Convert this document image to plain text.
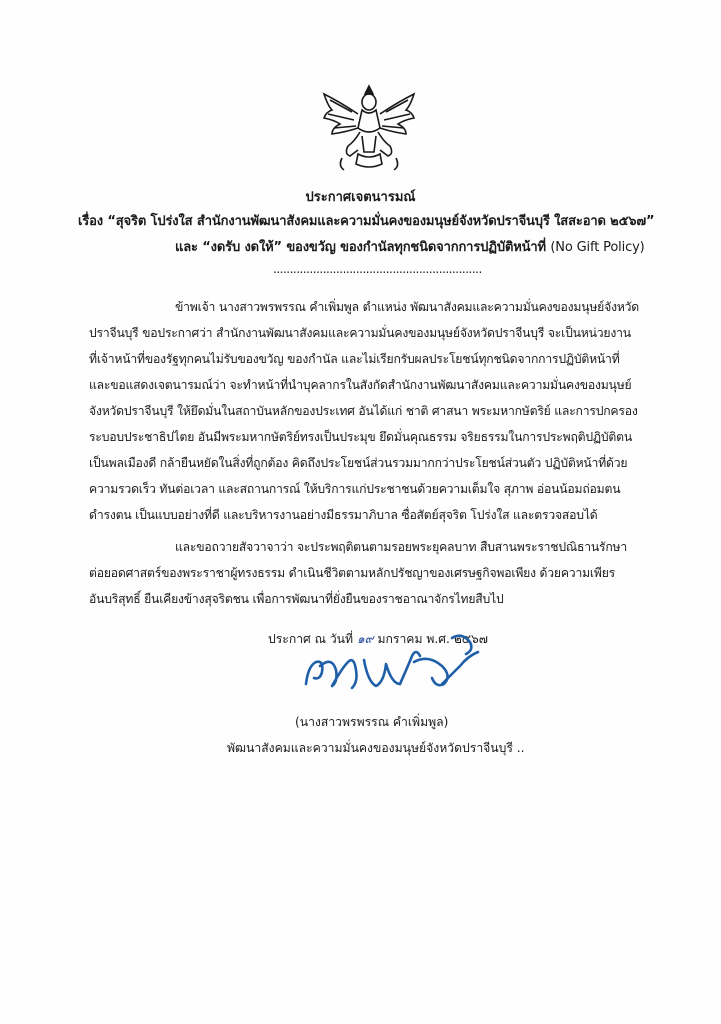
ประกาศเจตนารมณ์
เรื่อง “สุจริต โปร่งใส สำนักงานพัฒนาสังคมและความมั่นคงของมนุษย์จังหวัดปราจีนบุรี ใสสะอาด ๒๕๖๗”
และ “งดรับ งดให้” ของขวัญ ของกำนัลทุกชนิดจากการปฏิบัติหน้าที่ (No Gift Policy)
...............................................................
ข้าพเจ้า นางสาวพรพรรณ คำเพิ่มพูล ตำแหน่ง พัฒนาสังคมและความมั่นคงของมนุษย์จังหวัด
ปราจีนบุรี ขอประกาศว่า สำนักงานพัฒนาสังคมและความมั่นคงของมนุษย์จังหวัดปราจีนบุรี จะเป็นหน่วยงาน
ที่เจ้าหน้าที่ของรัฐทุกคนไม่รับของขวัญ ของกำนัล และไม่เรียกรับผลประโยชน์ทุกชนิดจากการปฏิบัติหน้าที่
และขอแสดงเจตนารมณ์ว่า จะทำหน้าที่นำบุคลากรในสังกัดสำนักงานพัฒนาสังคมและความมั่นคงของมนุษย์
จังหวัดปราจีนบุรี ให้ยึดมั่นในสถาบันหลักของประเทศ อันได้แก่ ชาติ ศาสนา พระมหากษัตริย์ และการปกครอง
ระบอบประชาธิปไตย อันมีพระมหากษัตริย์ทรงเป็นประมุข ยึดมั่นคุณธรรม จริยธรรมในการประพฤติปฏิบัติตน
เป็นพลเมืองดี กล้ายืนหยัดในสิ่งที่ถูกต้อง คิดถึงประโยชน์ส่วนรวมมากกว่าประโยชน์ส่วนตัว ปฏิบัติหน้าที่ด้วย
ความรวดเร็ว ทันต่อเวลา และสถานการณ์ ให้บริการแก่ประชาชนด้วยความเต็มใจ สุภาพ อ่อนน้อมถ่อมตน
ดำรงตน เป็นแบบอย่างที่ดี และบริหารงานอย่างมีธรรมาภิบาล ซื่อสัตย์สุจริต โปร่งใส และตรวจสอบได้
และขอถวายสัจวาจาว่า จะประพฤติตนตามรอยพระยุคลบาท สืบสานพระราชปณิธานรักษา
ต่อยอดศาสตร์ของพระราชาผู้ทรงธรรม ดำเนินชีวิตตามหลักปรัชญาของเศรษฐกิจพอเพียง ด้วยความเพียร
อันบริสุทธิ์ ยืนเคียงข้างสุจริตชน เพื่อการพัฒนาที่ยั่งยืนของราชอาณาจักรไทยสืบไป
ประกาศ ณ วันที่ ๑๙ มกราคม พ.ศ. ๒๕๖๗
(นางสาวพรพรรณ คำเพิ่มพูล)
พัฒนาสังคมและความมั่นคงของมนุษย์จังหวัดปราจีนบุรี ..
